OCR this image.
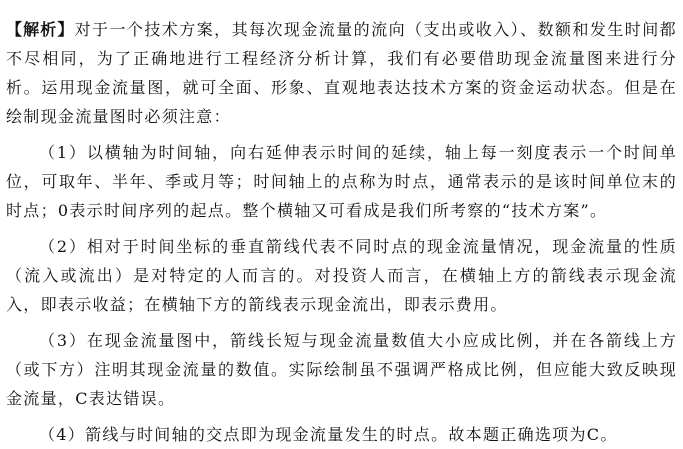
【解析】对于一个技术方案，其每次现金流量的流向（支出或收入）、数额和发生时间都不尽相同，为了正确地进行工程经济分析计算，我们有必要借助现金流量图来进行分析。运用现金流量图，就可全面、形象、直观地表达技术方案的资金运动状态。但是在绘制现金流量图时必须注意：

（1）以横轴为时间轴，向右延伸表示时间的延续，轴上每一刻度表示一个时间单位，可取年、半年、季或月等；时间轴上的点称为时点，通常表示的是该时间单位末的时点；0表示时间序列的起点。整个横轴又可看成是我们所考察的“技术方案”。

（2）相对于时间坐标的垂直箭线代表不同时点的现金流量情况，现金流量的性质（流入或流出）是对特定的人而言的。对投资人而言，在横轴上方的箭线表示现金流入，即表示收益；在横轴下方的箭线表示现金流出，即表示费用。

（3）在现金流量图中，箭线长短与现金流量数值大小应成比例，并在各箭线上方（或下方）注明其现金流量的数值。实际绘制虽不强调严格成比例，但应能大致反映现金流量，C表达错误。

（4）箭线与时间轴的交点即为现金流量发生的时点。故本题正确选项为C。
